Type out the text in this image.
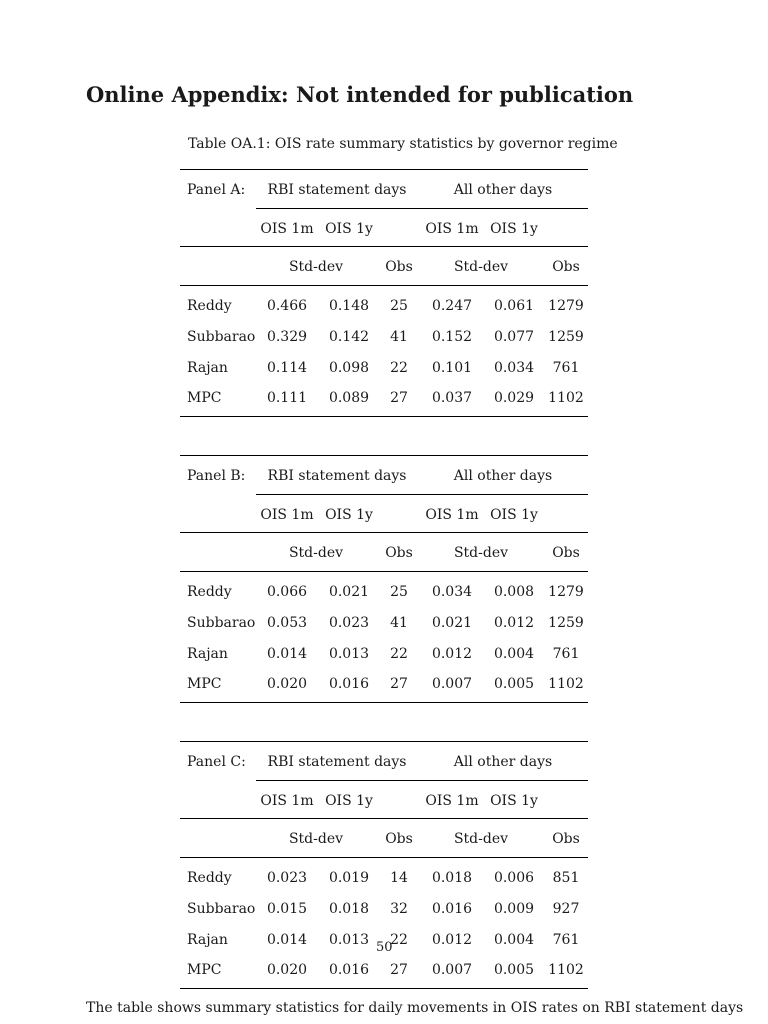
Online Appendix: Not intended for publication
Table OA.1: OIS rate summary statistics by governor regime
Panel A: RBI statement days	All other days
OIS 1m OIS 1y	OIS 1m OIS 1y
Std-dev	Obs	Std-dev	Obs
Reddy	0.466 0.148 25 0.247 0.061 1279
Subbarao 0.329 0.142 41 0.152 0.077 1259
Rajan	0.114 0.098 22 0.101 0.034 761
MPC	0.111 0.089 27 0.037 0.029 1102
Panel B: RBI statement days	All other days
OIS 1m OIS 1y	OIS 1m OIS 1y
Std-dev	Obs	Std-dev	Obs
Reddy	0.066 0.021 25 0.034 0.008 1279
Subbarao 0.053 0.023 41 0.021 0.012 1259
Rajan	0.014 0.013 22 0.012 0.004 761
MPC	0.020 0.016 27 0.007 0.005 1102
Panel C: RBI statement days	All other days
OIS 1m OIS 1y	OIS 1m OIS 1y
Std-dev	Obs	Std-dev	Obs
Reddy	0.023 0.019 14 0.018 0.006 851
Subbarao 0.015 0.018 32 0.016 0.009 927
Rajan	0.014 0.013 22 0.012 0.004 761
MPC	0.020 0.016 27 0.007 0.005 1102
50
The table shows summary statistics for daily movements in OIS rates on RBI statement days
